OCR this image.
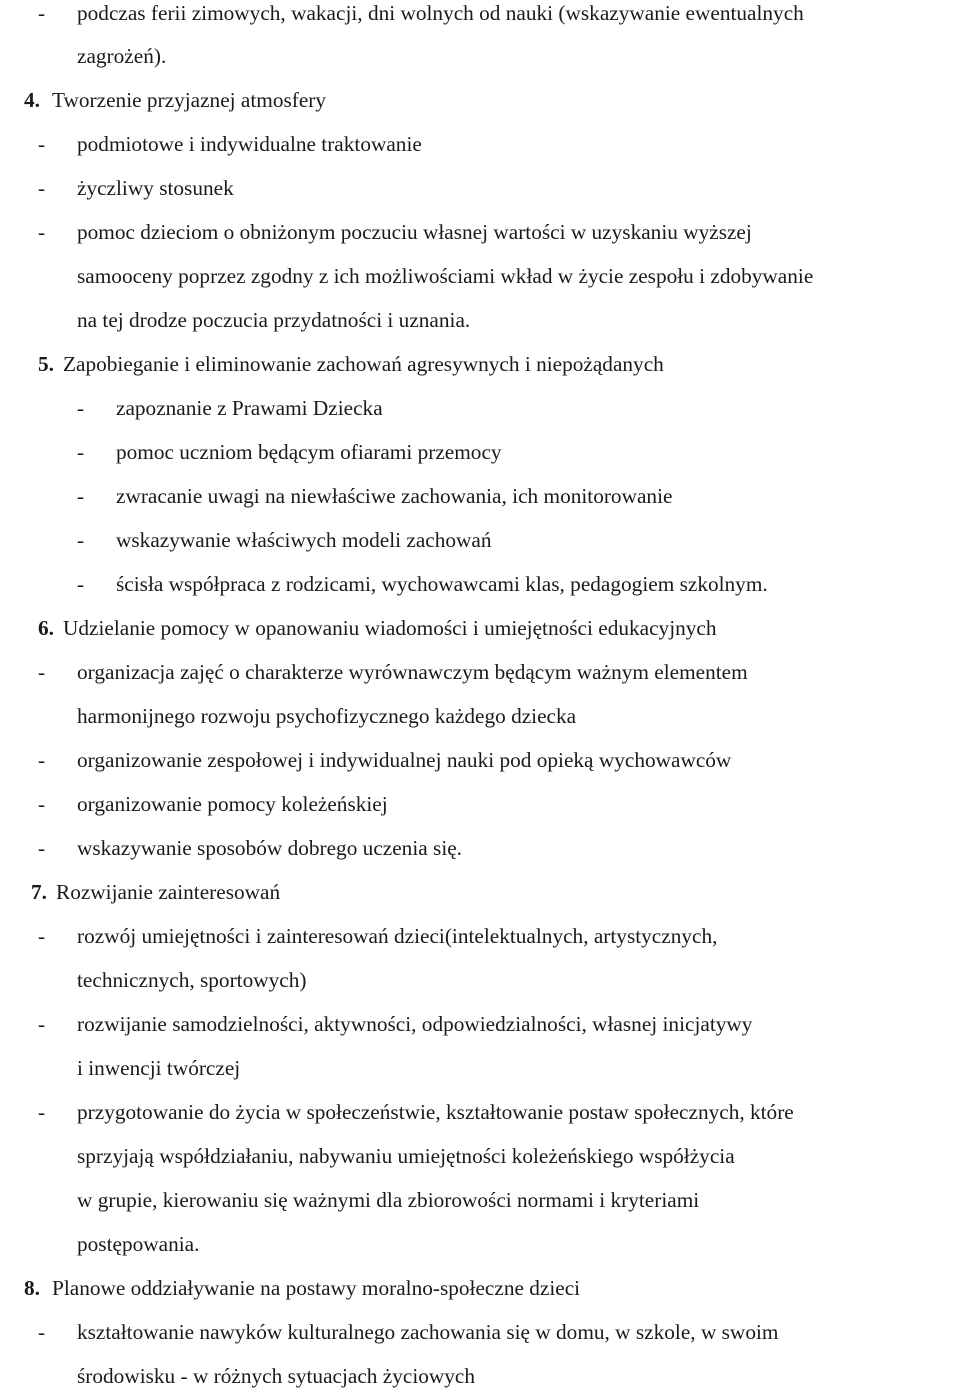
-	podczas ferii zimowych, wakacji, dni wolnych od nauki (wskazywanie ewentualnych
zagrożeń).
4. Tworzenie przyjaznej atmosfery
-	podmiotowe i indywidualne traktowanie
-	życzliwy stosunek
-	pomoc dzieciom o obniżonym poczuciu własnej wartości w uzyskaniu wyższej
samooceny poprzez zgodny z ich możliwościami wkład w życie zespołu i zdobywanie
na tej drodze poczucia przydatności i uznania.
5. Zapobieganie i eliminowanie zachowań agresywnych i niepożądanych
-	zapoznanie z Prawami Dziecka
-	pomoc uczniom będącym ofiarami przemocy
-	zwracanie uwagi na niewłaściwe zachowania, ich monitorowanie
-	wskazywanie właściwych modeli zachowań
-	ścisła współpraca z rodzicami, wychowawcami klas, pedagogiem szkolnym.
6. Udzielanie pomocy w opanowaniu wiadomości i umiejętności edukacyjnych
-	organizacja zajęć o charakterze wyrównawczym będącym ważnym elementem
harmonijnego rozwoju psychofizycznego każdego dziecka
-	organizowanie zespołowej i indywidualnej nauki pod opieką wychowawców
-	organizowanie pomocy koleżeńskiej
-	wskazywanie sposobów dobrego uczenia się.
7. Rozwijanie zainteresowań
-	rozwój umiejętności i zainteresowań dzieci(intelektualnych, artystycznych,
technicznych, sportowych)
-	rozwijanie samodzielności, aktywności, odpowiedzialności, własnej inicjatywy
i inwencji twórczej
-	przygotowanie do życia w społeczeństwie, kształtowanie postaw społecznych, które
sprzyjają współdziałaniu, nabywaniu umiejętności koleżeńskiego współżycia
w grupie, kierowaniu się ważnymi dla zbiorowości normami i kryteriami
postępowania.
8. Planowe oddziaływanie na postawy moralno-społeczne dzieci
-	kształtowanie nawyków kulturalnego zachowania się w domu, w szkole, w swoim
środowisku - w różnych sytuacjach życiowych
